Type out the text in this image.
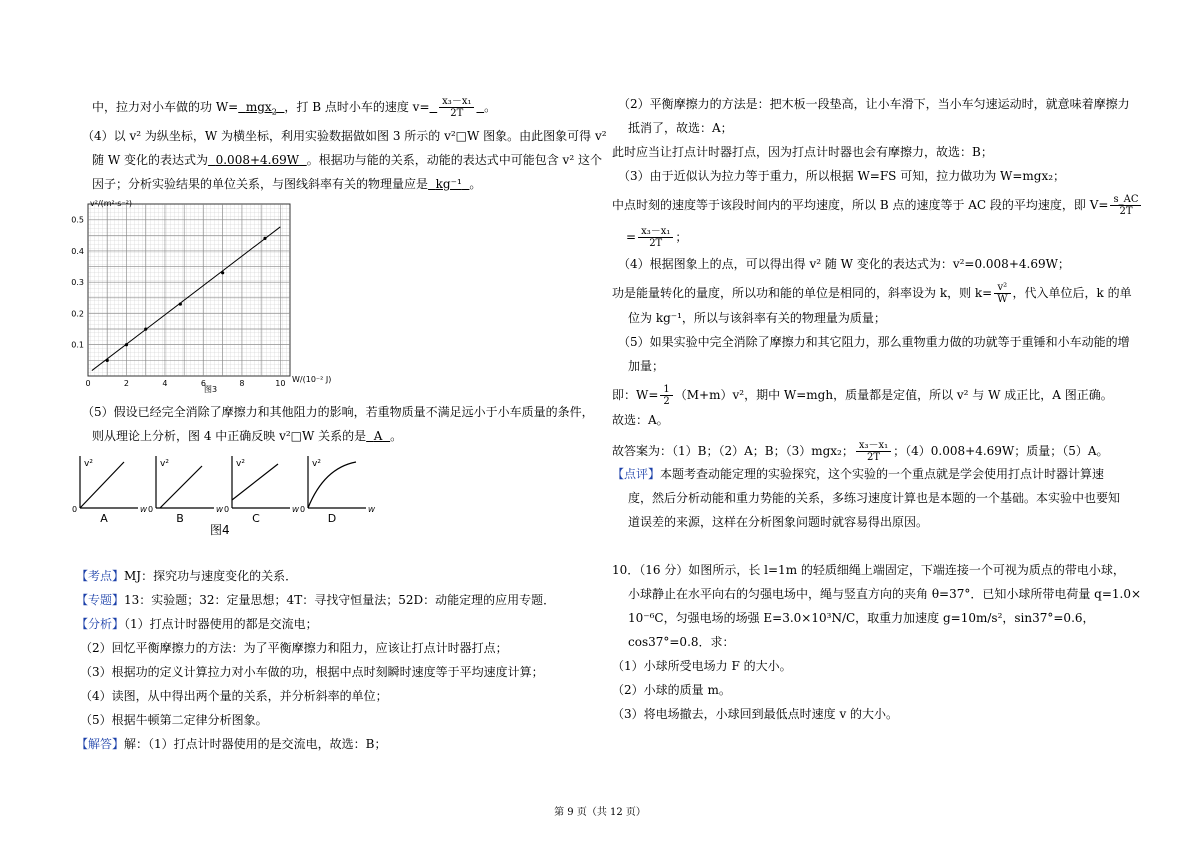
中，拉力对小车做的功 W= mgx$_2$ ，打 B 点时小车的速度 $v= \frac{\text{x₃－x₁}}{2T}$ 。
（4）以 v² 为纵坐标，W 为横坐标，利用实验数据做如图 3 所示的 v²□W 图象。由此图象可得 v²
随 W 变化的表达式为 0.008+4.69W 。根据功与能的关系，动能的表达式中可能包含 v² 这个
因子；分析实验结果的单位关系，与图线斜率有关的物理量应是 kg⁻¹ 。
0.1
0.2
0.3
0.4
0.5
0	2	4	6	8	10
v²/(m²·s⁻²)
W/(10⁻² J)
图3
（5）假设已经完全消除了摩擦力和其他阻力的影响，若重物质量不满足远小于小车质量的条件，
则从理论上分析，图 4 中正确反映 v²□W 关系的是 A 。
v²
W
0
A
v²
W
0
B
v²
W
0
C
v²
W
0
D
图4
【考点】MJ：探究功与速度变化的关系．
【专题】13：实验题；32：定量思想；4T：寻找守恒量法；52D：动能定理的应用专题．
【分析】（1）打点计时器使用的都是交流电；
（2）回忆平衡摩擦力的方法：为了平衡摩擦力和阻力，应该让打点计时器打点；
（3）根据功的定义计算拉力对小车做的功，根据中点时刻瞬时速度等于平均速度计算；
（4）读图，从中得出两个量的关系，并分析斜率的单位；
（5）根据牛顿第二定律分析图象。
【解答】解：（1）打点计时器使用的是交流电，故选：B；
（2）平衡摩擦力的方法是：把木板一段垫高，让小车滑下，当小车匀速运动时，就意味着摩擦力
抵消了，故选：A；
此时应当让打点计时器打点，因为打点计时器也会有摩擦力，故选：B；
（3）由于近似认为拉力等于重力，所以根据 W=FS 可知，拉力做功为 W=mgx₂；
中点时刻的速度等于该段时间内的平均速度，所以 B 点的速度等于 AC 段的平均速度，即 $V= \frac{s\_AC}{2T}$
= $\frac{\text{x₃－x₁}}{2T}$ ；
（4）根据图象上的点，可以得出得 v² 随 W 变化的表达式为：v²=0.008+4.69W；
功是能量转化的量度，所以功和能的单位是相同的，斜率设为 k，则 $k= \frac{\text{v²}}{W}$ ，代入单位后，k 的单
位为 kg⁻¹，所以与该斜率有关的物理量为质量；
（5）如果实验中完全消除了摩擦力和其它阻力，那么重物重力做的功就等于重锤和小车动能的增
加量；
即：$W= \frac{1}{2} (M+m)v^2$，期中 W=mgh，质量都是定值，所以 v² 与 W 成正比，A 图正确。
故选：A。
故答案为：（1）B；（2）A；B；（3）mgx₂； $\frac{\text{x₃－x₁}}{2T}$ ；（4）0.008+4.69W；质量；（5）A。
【点评】本题考查动能定理的实验探究，这个实验的一个重点就是学会使用打点计时器计算速
度，然后分析动能和重力势能的关系，多练习速度计算也是本题的一个基础。本实验中也要知
道误差的来源，这样在分析图象问题时就容易得出原因。
10．（16 分）如图所示，长 l=1m 的轻质细绳上端固定，下端连接一个可视为质点的带电小球，
小球静止在水平向右的匀强电场中，绳与竖直方向的夹角 θ=37°．已知小球所带电荷量 q=1.0×
10⁻⁶C，匀强电场的场强 E=3.0×10³N/C，取重力加速度 g=10m/s²，sin37°=0.6，
cos37°=0.8．求：
（1）小球所受电场力 F 的大小。
（2）小球的质量 m。
（3）将电场撤去，小球回到最低点时速度 v 的大小。
第 9 页（共 12 页）
